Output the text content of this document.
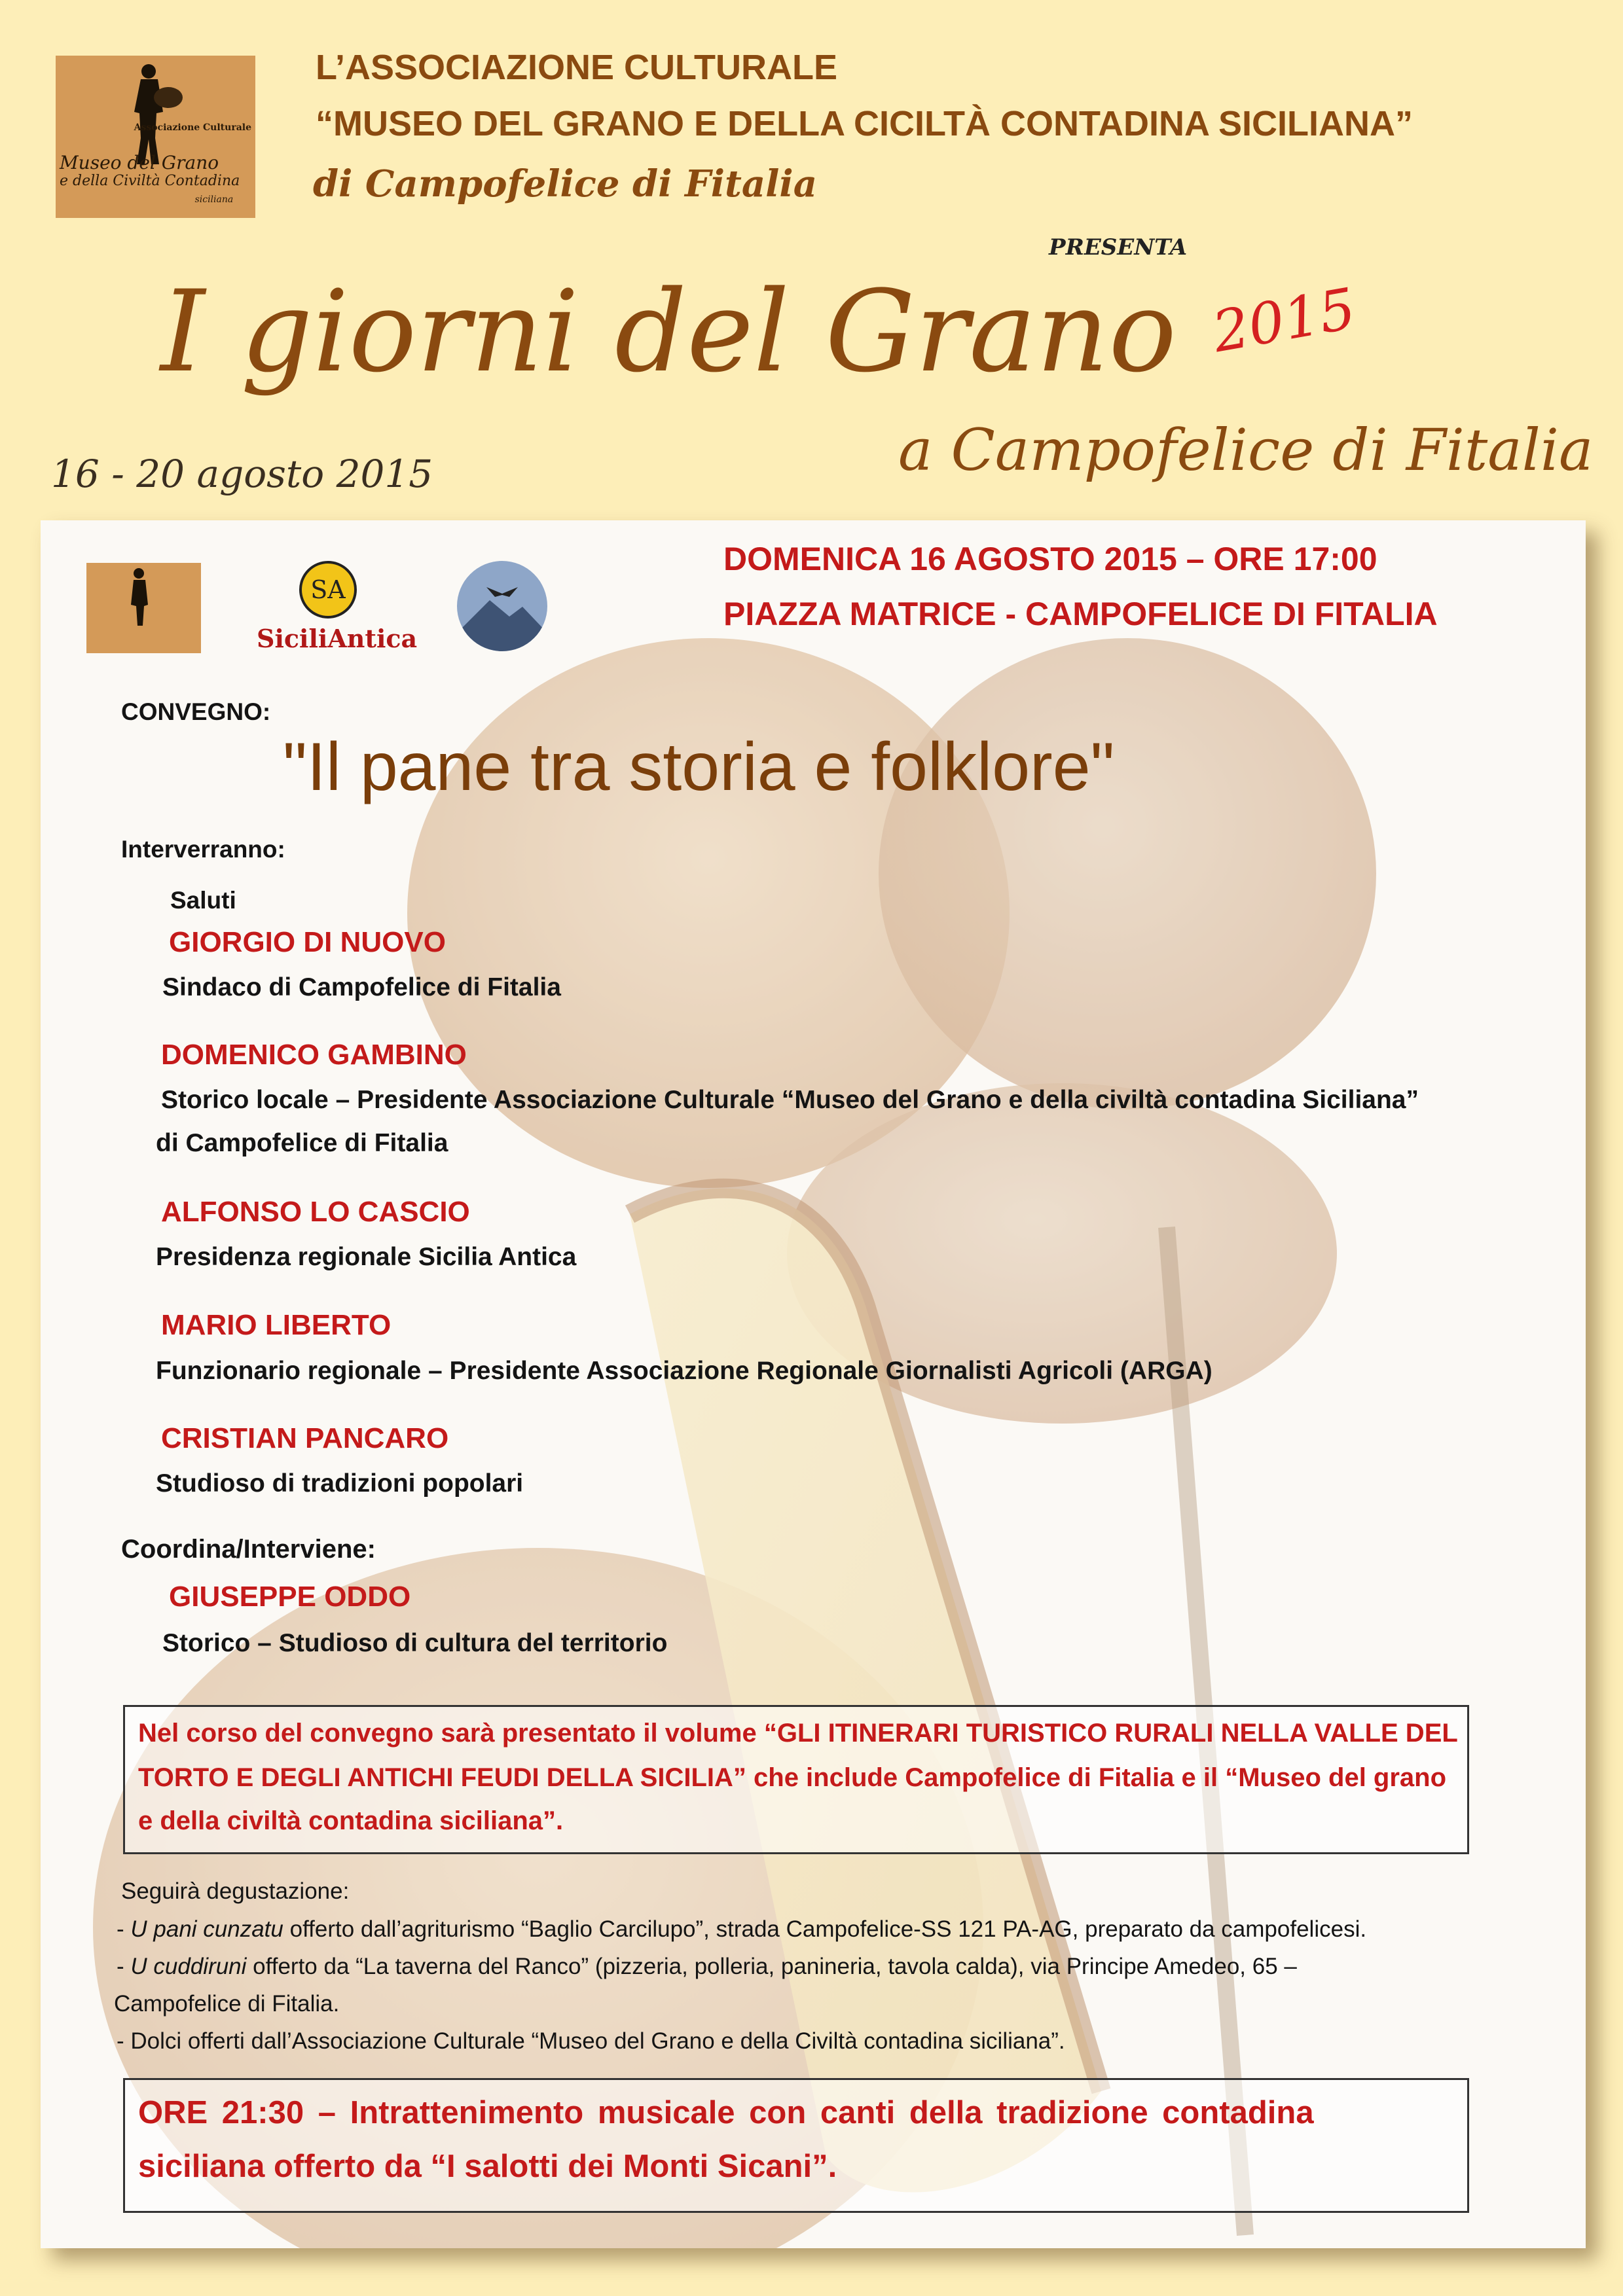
Associazione Culturale
Museo del Grano
e della Civiltà Contadina
siciliana
L’ASSOCIAZIONE CULTURALE
“MUSEO DEL GRANO E DELLA CICILTÀ CONTADINA SICILIANA”
di Campofelice di Fitalia
PRESENTA
I giorni del Grano 2015
a Campofelice di Fitalia
16 - 20 agosto 2015
SA
SiciliAntica
DOMENICA 16 AGOSTO 2015 – ORE 17:00
PIAZZA MATRICE - CAMPOFELICE DI FITALIA
CONVEGNO:
"Il pane tra storia e folklore"
Interverranno:
Saluti
GIORGIO DI NUOVO
Sindaco di Campofelice di Fitalia
DOMENICO GAMBINO
Storico locale – Presidente Associazione Culturale “Museo del Grano e della civiltà contadina Siciliana”
di Campofelice di Fitalia
ALFONSO LO CASCIO
Presidenza regionale Sicilia Antica
MARIO LIBERTO
Funzionario regionale – Presidente Associazione Regionale Giornalisti Agricoli (ARGA)
CRISTIAN PANCARO
Studioso di tradizioni popolari
Coordina/Interviene:
GIUSEPPE ODDO
Storico – Studioso di cultura del territorio
Nel corso del convegno sarà presentato il volume “GLI ITINERARI TURISTICO RURALI NELLA VALLE DEL
TORTO E DEGLI ANTICHI FEUDI DELLA SICILIA” che include Campofelice di Fitalia e il “Museo del grano
e della civiltà contadina siciliana”.
Seguirà degustazione:
- U pani cunzatu offerto dall’agriturismo “Baglio Carcilupo”, strada Campofelice-SS 121 PA-AG, preparato da campofelicesi.
- U cuddiruni offerto da “La taverna del Ranco” (pizzeria, polleria, panineria, tavola calda), via Principe Amedeo, 65 –
Campofelice di Fitalia.
- Dolci offerti dall’Associazione Culturale “Museo del Grano e della Civiltà contadina siciliana”.
ORE 21:30 – Intrattenimento musicale con canti della tradizione contadina
siciliana offerto da “I salotti dei Monti Sicani”.
